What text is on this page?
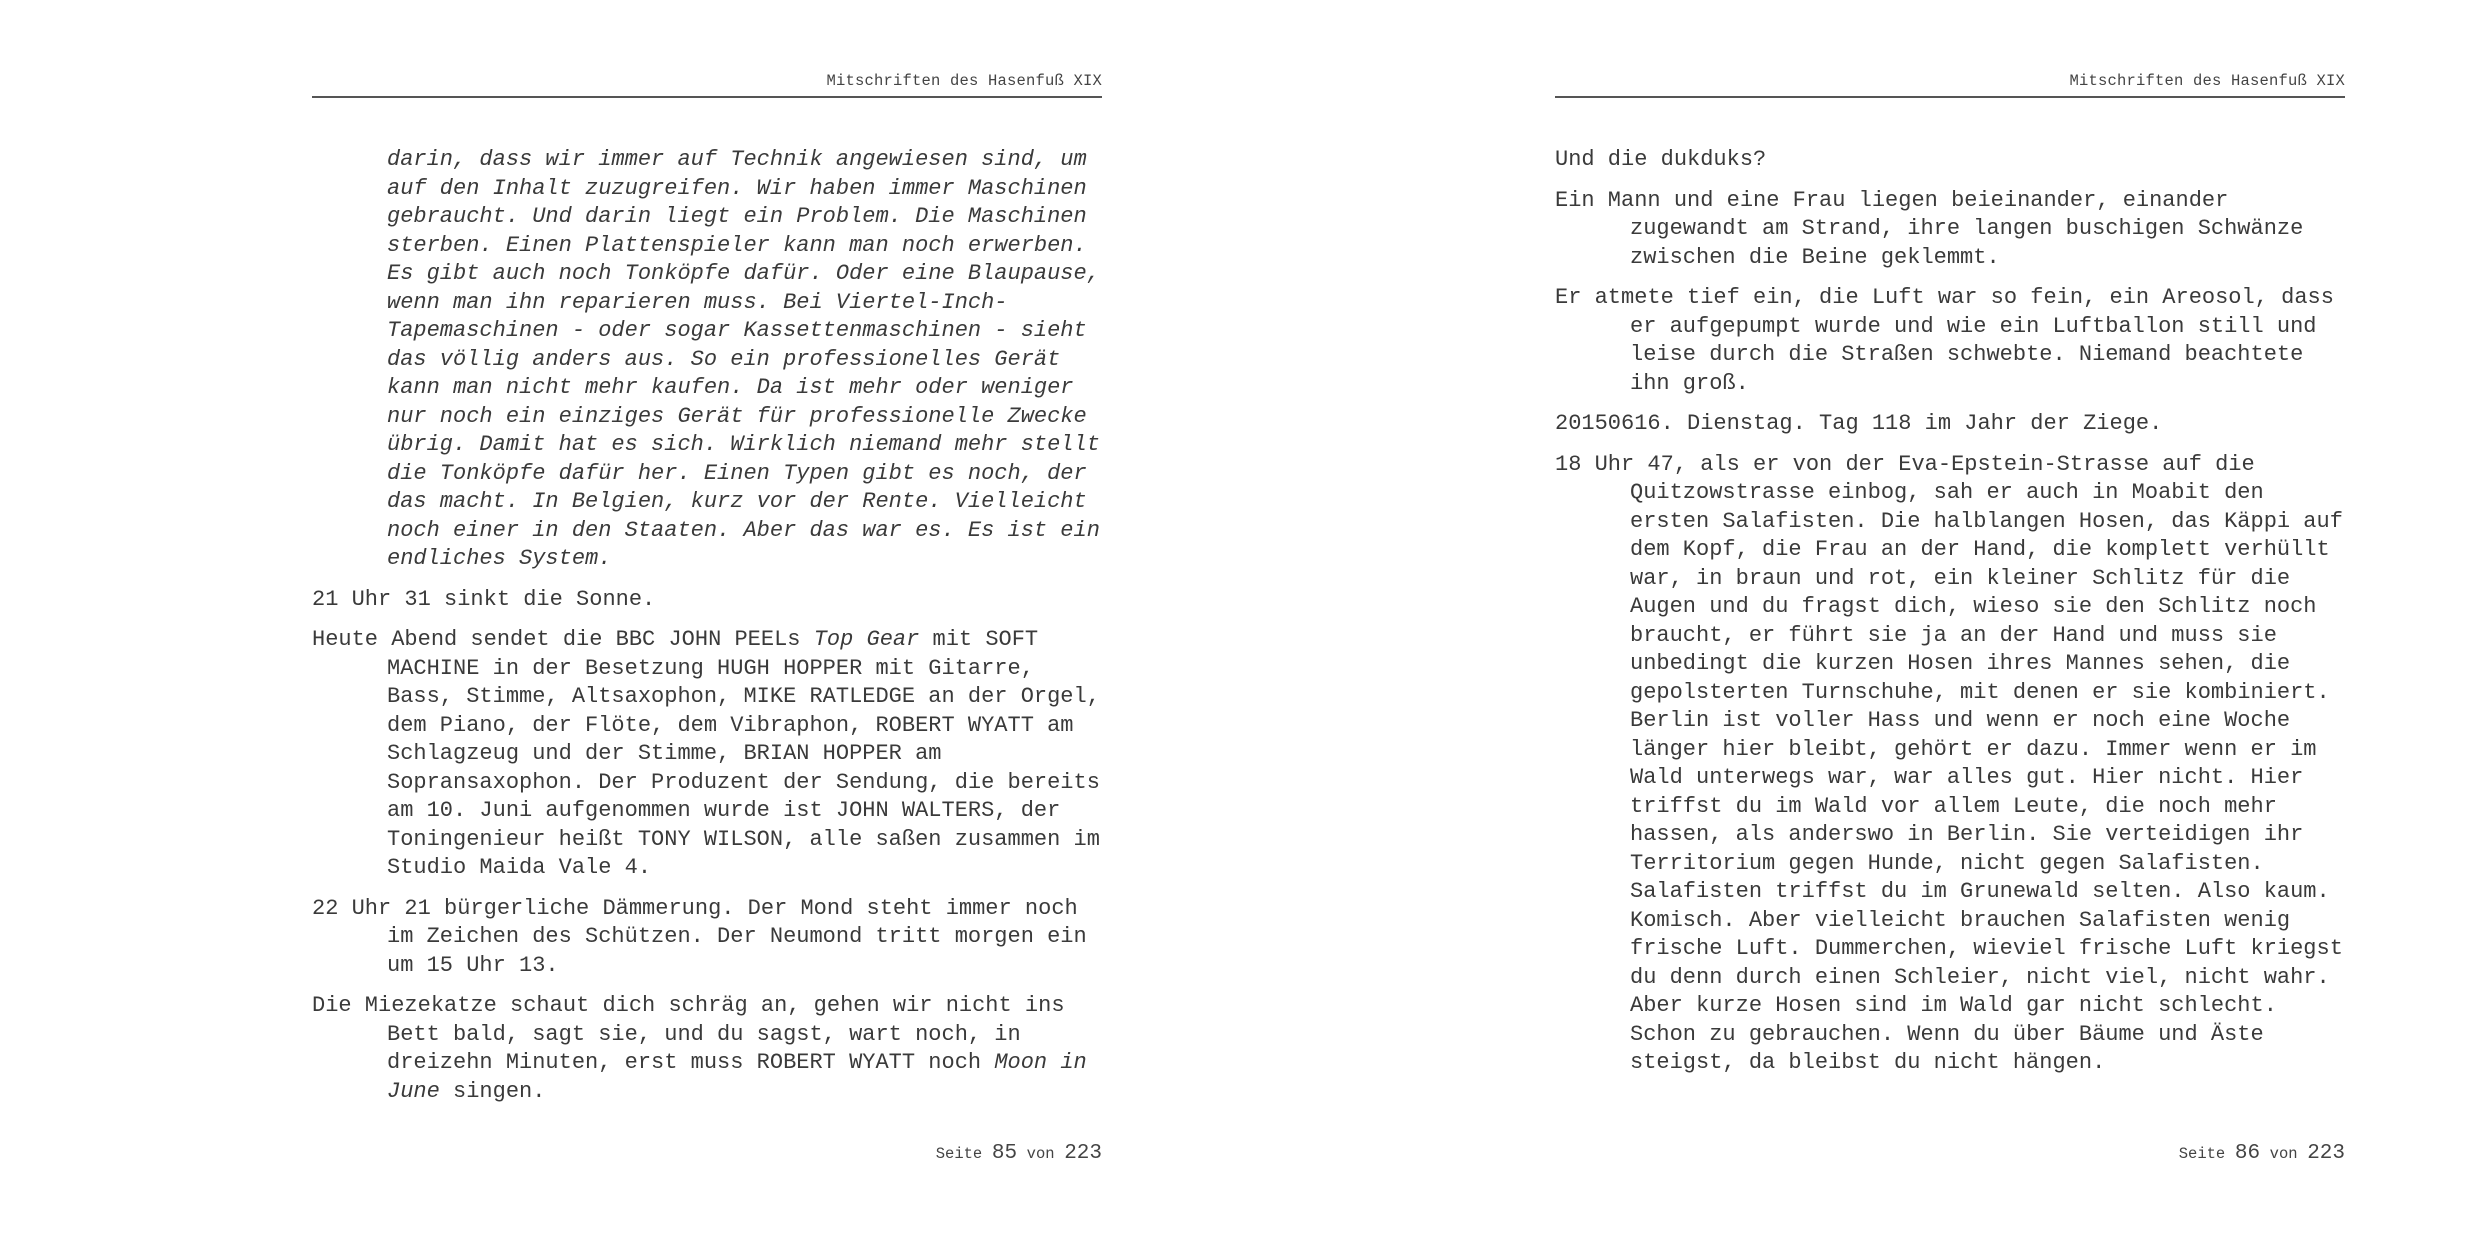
Mitschriften des Hasenfuß XIX

darin, dass wir immer auf Technik angewiesen sind, um auf den Inhalt zuzugreifen. Wir haben immer Maschinen gebraucht. Und darin liegt ein Problem. Die Maschinen sterben. Einen Plattenspieler kann man noch erwerben. Es gibt auch noch Tonköpfe dafür. Oder eine Blaupause, wenn man ihn reparieren muss. Bei Viertel-Inch-Tapemaschinen - oder sogar Kassettenmaschinen - sieht das völlig anders aus. So ein professionelles Gerät kann man nicht mehr kaufen. Da ist mehr oder weniger nur noch ein einziges Gerät für professionelle Zwecke übrig. Damit hat es sich. Wirklich niemand mehr stellt die Tonköpfe dafür her. Einen Typen gibt es noch, der das macht. In Belgien, kurz vor der Rente. Vielleicht noch einer in den Staaten. Aber das war es. Es ist ein endliches System.

21 Uhr 31 sinkt die Sonne.

Heute Abend sendet die BBC JOHN PEELs Top Gear mit SOFT MACHINE in der Besetzung HUGH HOPPER mit Gitarre, Bass, Stimme, Altsaxophon, MIKE RATLEDGE an der Orgel, dem Piano, der Flöte, dem Vibraphon, ROBERT WYATT am Schlagzeug und der Stimme, BRIAN HOPPER am Sopransaxophon. Der Produzent der Sendung, die bereits am 10. Juni aufgenommen wurde ist JOHN WALTERS, der Toningenieur heißt TONY WILSON, alle saßen zusammen im Studio Maida Vale 4.

22 Uhr 21 bürgerliche Dämmerung. Der Mond steht immer noch im Zeichen des Schützen. Der Neumond tritt morgen ein um 15 Uhr 13.

Die Miezekatze schaut dich schräg an, gehen wir nicht ins Bett bald, sagt sie, und du sagst, wart noch, in dreizehn Minuten, erst muss ROBERT WYATT noch Moon in June singen.

Seite 85 von 223
Mitschriften des Hasenfuß XIX

Und die dukduks?

Ein Mann und eine Frau liegen beieinander, einander zugewandt am Strand, ihre langen buschigen Schwänze zwischen die Beine geklemmt.

Er atmete tief ein, die Luft war so fein, ein Areosol, dass er aufgepumpt wurde und wie ein Luftballon still und leise durch die Straßen schwebte. Niemand beachtete ihn groß.

20150616. Dienstag. Tag 118 im Jahr der Ziege.

18 Uhr 47, als er von der Eva-Epstein-Strasse auf die Quitzowstrasse einbog, sah er auch in Moabit den ersten Salafisten. Die halblangen Hosen, das Käppi auf dem Kopf, die Frau an der Hand, die komplett verhüllt war, in braun und rot, ein kleiner Schlitz für die Augen und du fragst dich, wieso sie den Schlitz noch braucht, er führt sie ja an der Hand und muss sie unbedingt die kurzen Hosen ihres Mannes sehen, die gepolsterten Turnschuhe, mit denen er sie kombiniert. Berlin ist voller Hass und wenn er noch eine Woche länger hier bleibt, gehört er dazu. Immer wenn er im Wald unterwegs war, war alles gut. Hier nicht. Hier triffst du im Wald vor allem Leute, die noch mehr hassen, als anderswo in Berlin. Sie verteidigen ihr Territorium gegen Hunde, nicht gegen Salafisten. Salafisten triffst du im Grunewald selten. Also kaum. Komisch. Aber vielleicht brauchen Salafisten wenig frische Luft. Dummerchen, wieviel frische Luft kriegst du denn durch einen Schleier, nicht viel, nicht wahr. Aber kurze Hosen sind im Wald gar nicht schlecht. Schon zu gebrauchen. Wenn du über Bäume und Äste steigst, da bleibst du nicht hängen.

Seite 86 von 223
